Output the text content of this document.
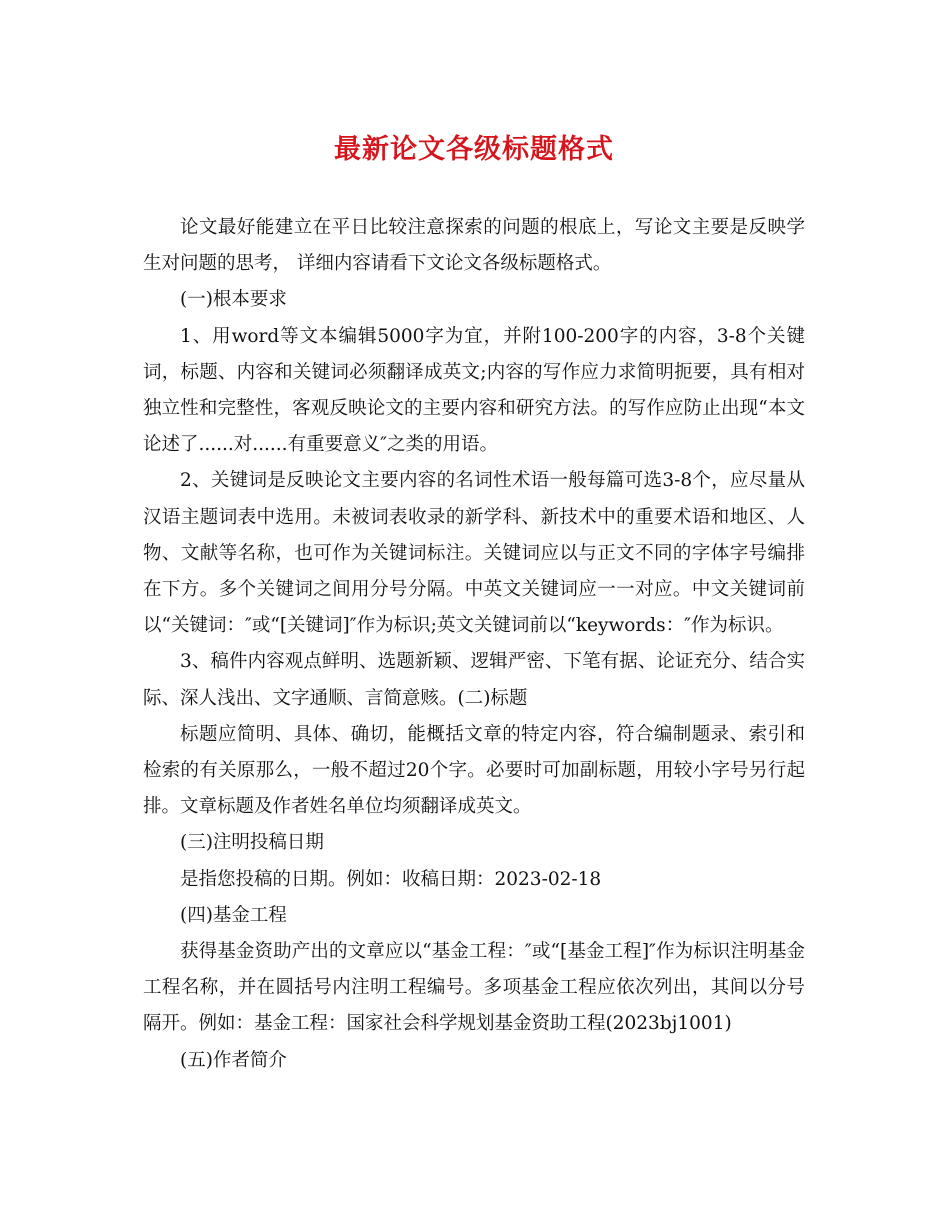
最新论文各级标题格式

论文最好能建立在平日比较注意探索的问题的根底上，写论文主要是反映学生对问题的思考， 详细内容请看下文论文各级标题格式。

(一)根本要求

1、用word等文本编辑5000字为宜，并附100-200字的内容，3-8个关键词，标题、内容和关键词必须翻译成英文;内容的写作应力求简明扼要，具有相对独立性和完整性，客观反映论文的主要内容和研究方法。的写作应防止出现“本文论述了......对......有重要意义″之类的用语。

2、关键词是反映论文主要内容的名词性术语一般每篇可选3-8个，应尽量从汉语主题词表中选用。未被词表收录的新学科、新技术中的重要术语和地区、人物、文献等名称，也可作为关键词标注。关键词应以与正文不同的字体字号编排在下方。多个关键词之间用分号分隔。中英文关键词应一一对应。中文关键词前以“关键词：″或“[关键词]″作为标识;英文关键词前以“keywords：″作为标识。

3、稿件内容观点鲜明、选题新颖、逻辑严密、下笔有据、论证充分、结合实际、深人浅出、文字通顺、言简意赅。(二)标题

标题应简明、具体、确切，能概括文章的特定内容，符合编制题录、索引和检索的有关原那么，一般不超过20个字。必要时可加副标题，用较小字号另行起排。文章标题及作者姓名单位均须翻译成英文。

(三)注明投稿日期

是指您投稿的日期。例如：收稿日期：2023-02-18

(四)基金工程

获得基金资助产出的文章应以“基金工程：″或“[基金工程]″作为标识注明基金工程名称，并在圆括号内注明工程编号。多项基金工程应依次列出，其间以分号隔开。例如：基金工程：国家社会科学规划基金资助工程(2023bj1001)

(五)作者简介
